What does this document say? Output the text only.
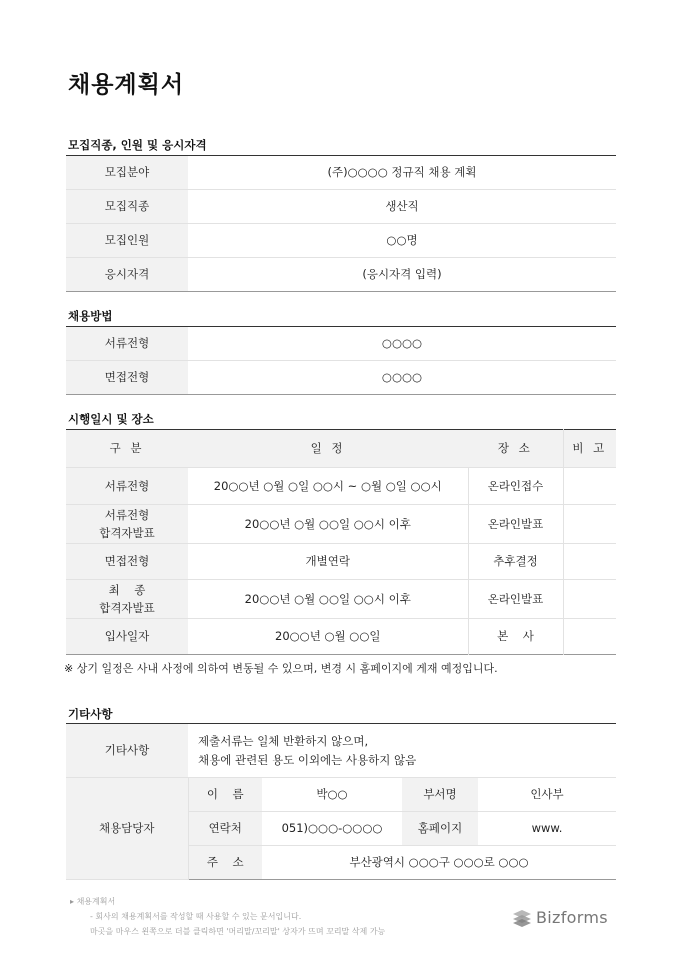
채용계획서
모집직종, 인원 및 응시자격
모집분야	(주)○○○○ 정규직 채용 계획
모집직종	생산직
모집인원	○○명
응시자격	(응시자격 입력)
채용방법
서류전형	○○○○
면접전형	○○○○
시행일시 및 장소
구 분	일 정	장 소	비 고
서류전형	20○○년 ○월 ○일 ○○시 ~ ○월 ○일 ○○시	온라인접수	

서류전형
합격자발표	20○○년 ○월 ○○일 ○○시 이후	온라인발표	
면접전형	개별연락	추후결정	

최    종
합격자발표	20○○년 ○월 ○○일 ○○시 이후	온라인발표	
입사일자	20○○년 ○월 ○○일	본    사	
※ 상기 일정은 사내 사정에 의하여 변동될 수 있으며, 변경 시 홈페이지에 게재 예정입니다.
기타사항
기타사항	제출서류는 일체 반환하지 않으며,
채용에 관련된 용도 이외에는 사용하지 않음			

채용담당자	이    름	박○○	부서명	인사부
	연락처	051)○○○-○○○○	홈페이지	www.
	주    소	부산광역시 ○○○구 ○○○로 ○○○		
▸ 채용계획서
- 회사의 채용계획서를 작성할 때 사용할 수 있는 문서입니다.
마곳을 마우스 왼쪽으로 더블 클릭하면 '머리말/꼬리말' 상자가 뜨며 꼬리말 삭제 가능
Bizforms
